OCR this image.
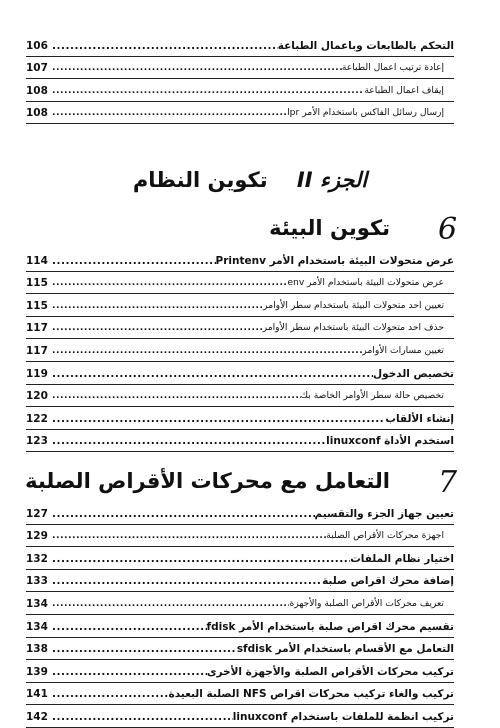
التحكم بالطابعات وباعمال الطباعة
.....
106
إعادة ترتيب اعمال الطباعة
.....
107
إيقاف اعمال الطباعة
.....
108
إرسال رسائل الفاكس باستخدام الأمر lpr
.....
108
الجزء II تكوين النظام
6
تكوين البيئة
عرض متحولات البيئة باستخدام الأمر Printenv
.....
114
عرض متحولات البيئة باستخدام الأمر env
.....
115
تعيين احد متحولات البيئة باستخدام سطر الأوامر
.....
115
حذف احد متحولات البيئة باستخدام سطر الأوامر
.....
117
تعيين مسارات الأوامر
.....
117
تخصيص الدخول
.....
119
تخصيص حالة سطر الأوامر الخاصة بك
.....
120
إنشاء الألقاب
.....
122
استخدم الأداة linuxconf
.....
123
7
التعامل مع محركات الأقراص الصلبة
تعيين جهاز الجزء والتقسيم
.....
127
اجهزة محركات الأقراص الصلبة
.....
129
اختيار نظام الملفات
.....
132
إضافة محرك اقراص صلبة
.....
133
تعريف محركات الأقراص الصلبة والأجهزة
.....
134
تقسيم محرك اقراص صلبة باستخدام الأمر fdisk
.....
134
التعامل مع الأقسام باستخدام الأمر sfdisk
.....
138
تركيب محركات الأقراص الصلبة والأجهزة الأخرى
.....
139
تركيب والغاء تركيب محركات اقراص NFS الصلبة البعيدة
.....
141
تركيب انظمة للملفات باستخدام linuxconf
.....
142
